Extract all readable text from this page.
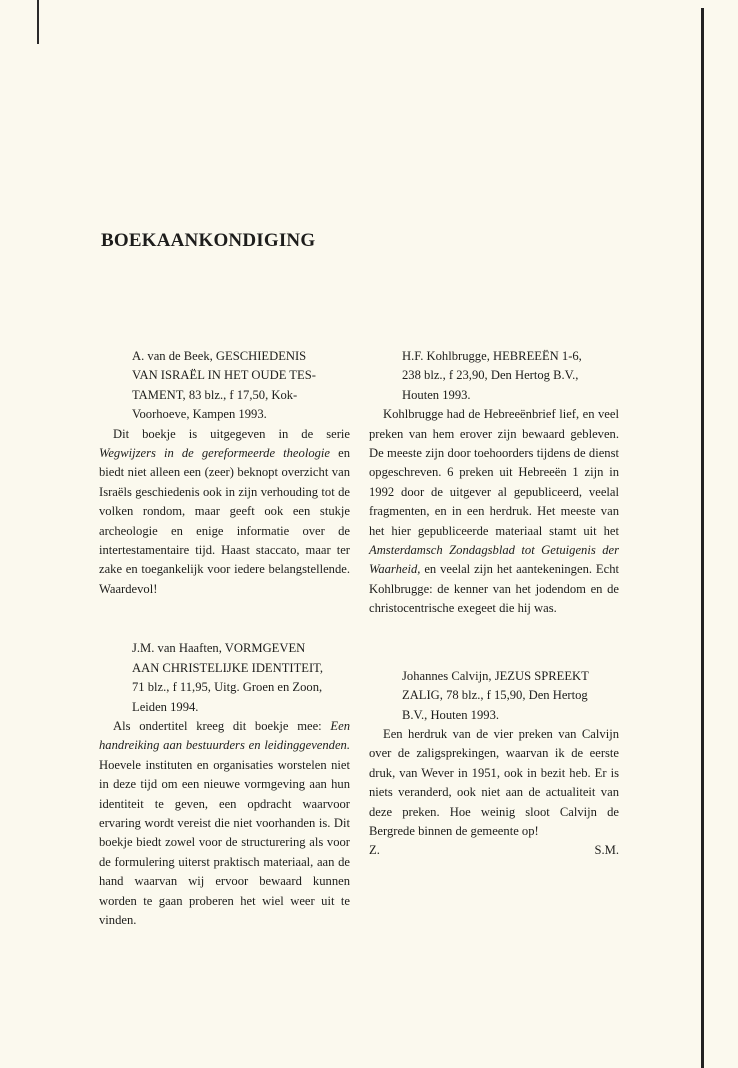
BOEKAANKONDIGING
A. van de Beek, GESCHIEDENIS
VAN ISRAËL IN HET OUDE TES-
TAMENT, 83 blz., f 17,50, Kok-
Voorhoeve, Kampen 1993.

Dit boekje is uitgegeven in de serie Wegwijzers in de gereformeerde theologie en biedt niet alleen een (zeer) beknopt overzicht van Israëls geschiedenis ook in zijn verhouding tot de volken rondom, maar geeft ook een stukje archeologie en enige informatie over de intertestamentaire tijd. Haast staccato, maar ter zake en toegankelijk voor iedere belangstellende. Waardevol!

J.M. van Haaften, VORMGEVEN
AAN CHRISTELIJKE IDENTITEIT,
71 blz., f 11,95, Uitg. Groen en Zoon,
Leiden 1994.

Als ondertitel kreeg dit boekje mee: Een handreiking aan bestuurders en leidinggevenden. Hoevele instituten en organisaties worstelen niet in deze tijd om een nieuwe vormgeving aan hun identiteit te geven, een opdracht waarvoor ervaring wordt vereist die niet voorhanden is. Dit boekje biedt zowel voor de structurering als voor de formulering uiterst praktisch materiaal, aan de hand waarvan wij ervoor bewaard kunnen worden te gaan proberen het wiel weer uit te vinden.

H.F. Kohlbrugge, HEBREEËN 1-6,
238 blz., f 23,90, Den Hertog B.V.,
Houten 1993.

Kohlbrugge had de Hebreeënbrief lief, en veel preken van hem erover zijn bewaard gebleven. De meeste zijn door toehoorders tijdens de dienst opgeschreven. 6 preken uit Hebreeën 1 zijn in 1992 door de uitgever al gepubliceerd, veelal fragmenten, en in een herdruk. Het meeste van het hier gepubliceerde materiaal stamt uit het Amsterdamsch Zondagsblad tot Getuigenis der Waarheid, en veelal zijn het aantekeningen. Echt Kohlbrugge: de kenner van het jodendom en de christocentrische exegeet die hij was.

Johannes Calvijn, JEZUS SPREEKT
ZALIG, 78 blz., f 15,90, Den Hertog
B.V., Houten 1993.

Een herdruk van de vier preken van Calvijn over de zaligsprekingen, waarvan ik de eerste druk, van Wever in 1951, ook in bezit heb. Er is niets veranderd, ook niet aan de actualiteit van deze preken. Hoe weinig sloot Calvijn de Bergrede binnen de gemeente op!

Z.	S.M.
